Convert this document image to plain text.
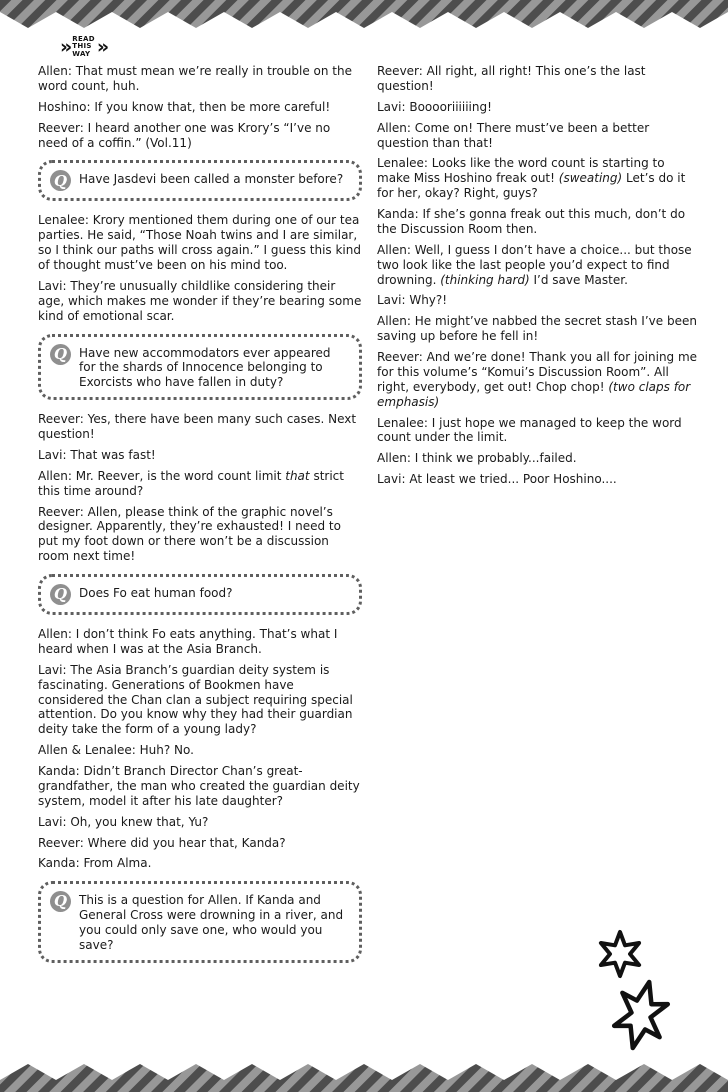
» READ
THIS
WAY »

Allen: That must mean we’re really in trouble on the word count, huh.

Hoshino: If you know that, then be more careful!

Reever: I heard another one was Krory’s “I’ve no need of a coffin.” (Vol.11)

Q Have Jasdevi been called a monster before?

Lenalee: Krory mentioned them during one of our tea parties. He said, “Those Noah twins and I are similar, so I think our paths will cross again.” I guess this kind of thought must’ve been on his mind too.

Lavi: They’re unusually childlike considering their age, which makes me wonder if they’re bearing some kind of emotional scar.

Q Have new accommodators ever appeared for the shards of Innocence belonging to Exorcists who have fallen in duty?

Reever: Yes, there have been many such cases. Next question!

Lavi: That was fast!

Allen: Mr. Reever, is the word count limit that strict this time around?

Reever: Allen, please think of the graphic novel’s designer. Apparently, they’re exhausted! I need to put my foot down or there won’t be a discussion room next time!

Q Does Fo eat human food?

Allen: I don’t think Fo eats anything. That’s what I heard when I was at the Asia Branch.

Lavi: The Asia Branch’s guardian deity system is fascinating. Generations of Bookmen have considered the Chan clan a subject requiring special attention. Do you know why they had their guardian deity take the form of a young lady?

Allen & Lenalee: Huh? No.

Kanda: Didn’t Branch Director Chan’s great-grandfather, the man who created the guardian deity system, model it after his late daughter?

Lavi: Oh, you knew that, Yu?

Reever: Where did you hear that, Kanda?

Kanda: From Alma.

Q This is a question for Allen. If Kanda and General Cross were drowning in a river, and you could only save one, who would you save?

Reever: All right, all right! This one’s the last question!

Lavi: Booooriiiiiing!

Allen: Come on! There must’ve been a better question than that!

Lenalee: Looks like the word count is starting to make Miss Hoshino freak out! (sweating) Let’s do it for her, okay? Right, guys?

Kanda: If she’s gonna freak out this much, don’t do the Discussion Room then.

Allen: Well, I guess I don’t have a choice... but those two look like the last people you’d expect to find drowning. (thinking hard) I’d save Master.

Lavi: Why?!

Allen: He might’ve nabbed the secret stash I’ve been saving up before he fell in!

Reever: And we’re done! Thank you all for joining me for this volume’s “Komui’s Discussion Room”. All right, everybody, get out! Chop chop! (two claps for emphasis)

Lenalee: I just hope we managed to keep the word count under the limit.

Allen: I think we probably...failed.

Lavi: At least we tried... Poor Hoshino....
